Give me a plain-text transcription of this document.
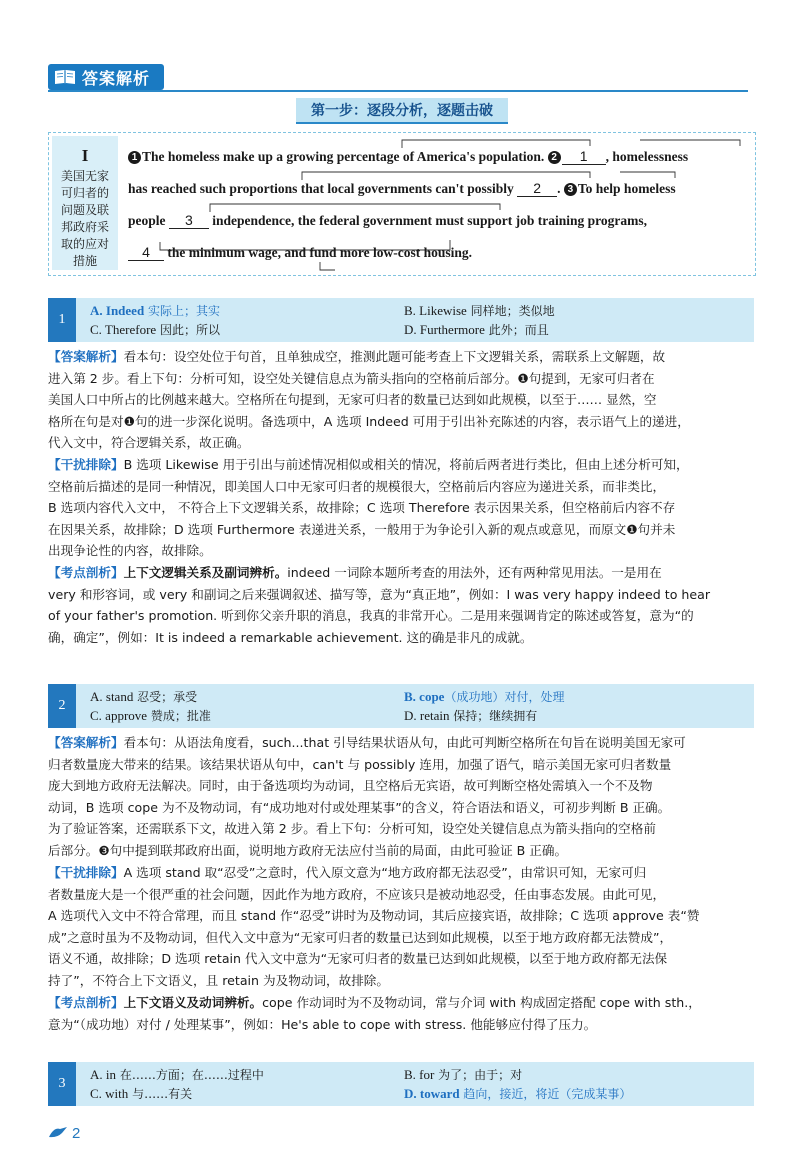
答案解析
第一步：逐段分析，逐题击破
I
美国无家
可归者的
问题及联
邦政府采
取的应对
措施
1 The homeless make up a growing percentage of America's population. 2 1 , homelessness
has reached such proportions that local governments can't possibly 2 . 3 To help homeless
people 3 independence, the federal government must support job training programs,
4 the minimum wage, and fund more low-cost housing.
1
A. Indeed 实际上；其实	B. Likewise 同样地；类似地
C. Therefore 因此；所以	D. Furthermore 此外；而且
【答案解析】看本句：设空处位于句首，且单独成空，推测此题可能考查上下文逻辑关系，需联系上文解题，故
进入第 2 步。看上下句：分析可知，设空处关键信息点为箭头指向的空格前后部分。❶句提到，无家可归者在
美国人口中所占的比例越来越大。空格所在句提到，无家可归者的数量已达到如此规模，以至于…… 显然，空
格所在句是对❶句的进一步深化说明。备选项中，A 选项 Indeed 可用于引出补充陈述的内容，表示语气上的递进，
代入文中，符合逻辑关系，故正确。
【干扰排除】B 选项 Likewise 用于引出与前述情况相似或相关的情况，将前后两者进行类比，但由上述分析可知，
空格前后描述的是同一种情况，即美国人口中无家可归者的规模很大，空格前后内容应为递进关系，而非类比，
B 选项内容代入文中， 不符合上下文逻辑关系，故排除；C 选项 Therefore 表示因果关系，但空格前后内容不存
在因果关系，故排除；D 选项 Furthermore 表递进关系，一般用于为争论引入新的观点或意见，而原文❶句并未
出现争论性的内容，故排除。
【考点剖析】上下文逻辑关系及副词辨析。indeed 一词除本题所考查的用法外，还有两种常见用法。一是用在
very 和形容词，或 very 和副词之后来强调叙述、描写等，意为“真正地”，例如：I was very happy indeed to hear
of your father's promotion. 听到你父亲升职的消息，我真的非常开心。二是用来强调肯定的陈述或答复，意为“的
确，确定”，例如：It is indeed a remarkable achievement. 这的确是非凡的成就。
2
A. stand 忍受；承受	B. cope（成功地）对付，处理
C. approve 赞成；批准	D. retain 保持；继续拥有
【答案解析】看本句：从语法角度看，such...that 引导结果状语从句，由此可判断空格所在句旨在说明美国无家可
归者数量庞大带来的结果。该结果状语从句中，can't 与 possibly 连用，加强了语气，暗示美国无家可归者数量
庞大到地方政府无法解决。同时，由于备选项均为动词，且空格后无宾语，故可判断空格处需填入一个不及物
动词，B 选项 cope 为不及物动词，有“成功地对付或处理某事”的含义，符合语法和语义，可初步判断 B 正确。
为了验证答案，还需联系下文，故进入第 2 步。看上下句：分析可知，设空处关键信息点为箭头指向的空格前
后部分。❸句中提到联邦政府出面，说明地方政府无法应付当前的局面，由此可验证 B 正确。
【干扰排除】A 选项 stand 取“忍受”之意时，代入原文意为“地方政府都无法忍受”，由常识可知，无家可归
者数量庞大是一个很严重的社会问题，因此作为地方政府，不应该只是被动地忍受，任由事态发展。由此可见，
A 选项代入文中不符合常理，而且 stand 作“忍受”讲时为及物动词，其后应接宾语，故排除；C 选项 approve 表“赞
成”之意时虽为不及物动词，但代入文中意为“无家可归者的数量已达到如此规模，以至于地方政府都无法赞成”，
语义不通，故排除；D 选项 retain 代入文中意为“无家可归者的数量已达到如此规模，以至于地方政府都无法保
持了”，不符合上下文语义，且 retain 为及物动词，故排除。
【考点剖析】上下文语义及动词辨析。cope 作动词时为不及物动词，常与介词 with 构成固定搭配 cope with sth.，
意为“（成功地）对付 / 处理某事”，例如：He's able to cope with stress. 他能够应付得了压力。
3
A. in 在……方面；在……过程中	B. for 为了；由于；对
C. with 与……有关	D. toward 趋向，接近，将近（完成某事）
2
